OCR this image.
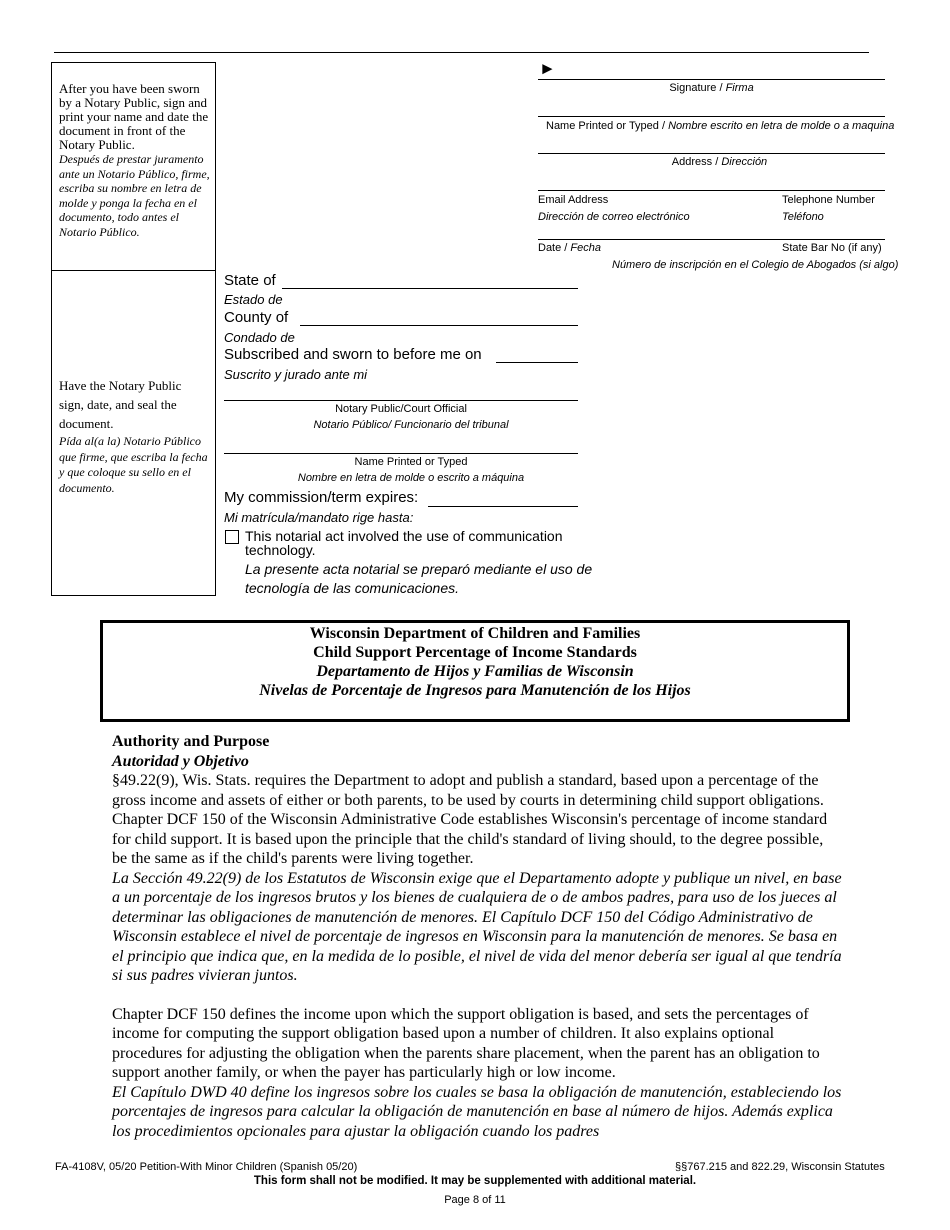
After you have been sworn by a Notary Public, sign and print your name and date the document in front of the Notary Public.
Después de prestar juramento ante un Notario Público, firme, escriba su nombre en letra de molde y ponga la fecha en el documento, todo antes el Notario Público.
Have the Notary Public sign, date, and seal the document.
Pída al(a la) Notario Público que firme, que escriba la fecha y que coloque su sello en el documento.
►
Signature / Firma
Name Printed or Typed / Nombre escrito en letra de molde o a maquina
Address / Dirección
Email Address
Dirección de correo electrónico
Telephone Number
Teléfono
Date / Fecha	State Bar No (if any)
Número de inscripción en el Colegio de Abogados (si algo)
State of
Estado de
County of
Condado de
Subscribed and sworn to before me on
Suscrito y jurado ante mi
Notary Public/Court Official
Notario Público/ Funcionario del tribunal
Name Printed or Typed
Nombre en letra de molde o escrito a máquina
My commission/term expires:
Mi matrícula/mandato rige hasta:
This notarial act involved the use of communication technology.
La presente acta notarial se preparó mediante el uso de
tecnología de las comunicaciones.
Wisconsin Department of Children and Families
Child Support Percentage of Income Standards
Departamento de Hijos y Familias de Wisconsin
Nivelas de Porcentaje de Ingresos para Manutención de los Hijos

Authority and Purpose

Autoridad y Objetivo

§49.22(9), Wis. Stats. requires the Department to adopt and publish a standard, based upon a percentage of the gross income and assets of either or both parents, to be used by courts in determining child support obligations. Chapter DCF 150 of the Wisconsin Administrative Code establishes Wisconsin's percentage of income standard for child support. It is based upon the principle that the child's standard of living should, to the degree possible, be the same as if the child's parents were living together.

La Sección 49.22(9) de los Estatutos de Wisconsin exige que el Departamento adopte y publique un nivel, en base a un porcentaje de los ingresos brutos y los bienes de cualquiera de o de ambos padres, para uso de los jueces al determinar las obligaciones de manutención de menores. El Capítulo DCF 150 del Código Administrativo de Wisconsin establece el nivel de porcentaje de ingresos en Wisconsin para la manutención de menores. Se basa en el principio que indica que, en la medida de lo posible, el nivel de vida del menor debería ser igual al que tendría si sus padres vivieran juntos.

Chapter DCF 150 defines the income upon which the support obligation is based, and sets the percentages of income for computing the support obligation based upon a number of children. It also explains optional procedures for adjusting the obligation when the parents share placement, when the parent has an obligation to support another family, or when the payer has particularly high or low income.

El Capítulo DWD 40 define los ingresos sobre los cuales se basa la obligación de manutención, estableciendo los porcentajes de ingresos para calcular la obligación de manutención en base al número de hijos. Además explica los procedimientos opcionales para ajustar la obligación cuando los padres

FA-4108V, 05/20 Petition-With Minor Children (Spanish 05/20)	§§767.215 and 822.29, Wisconsin Statutes
This form shall not be modified. It may be supplemented with additional material.
Page 8 of 11
